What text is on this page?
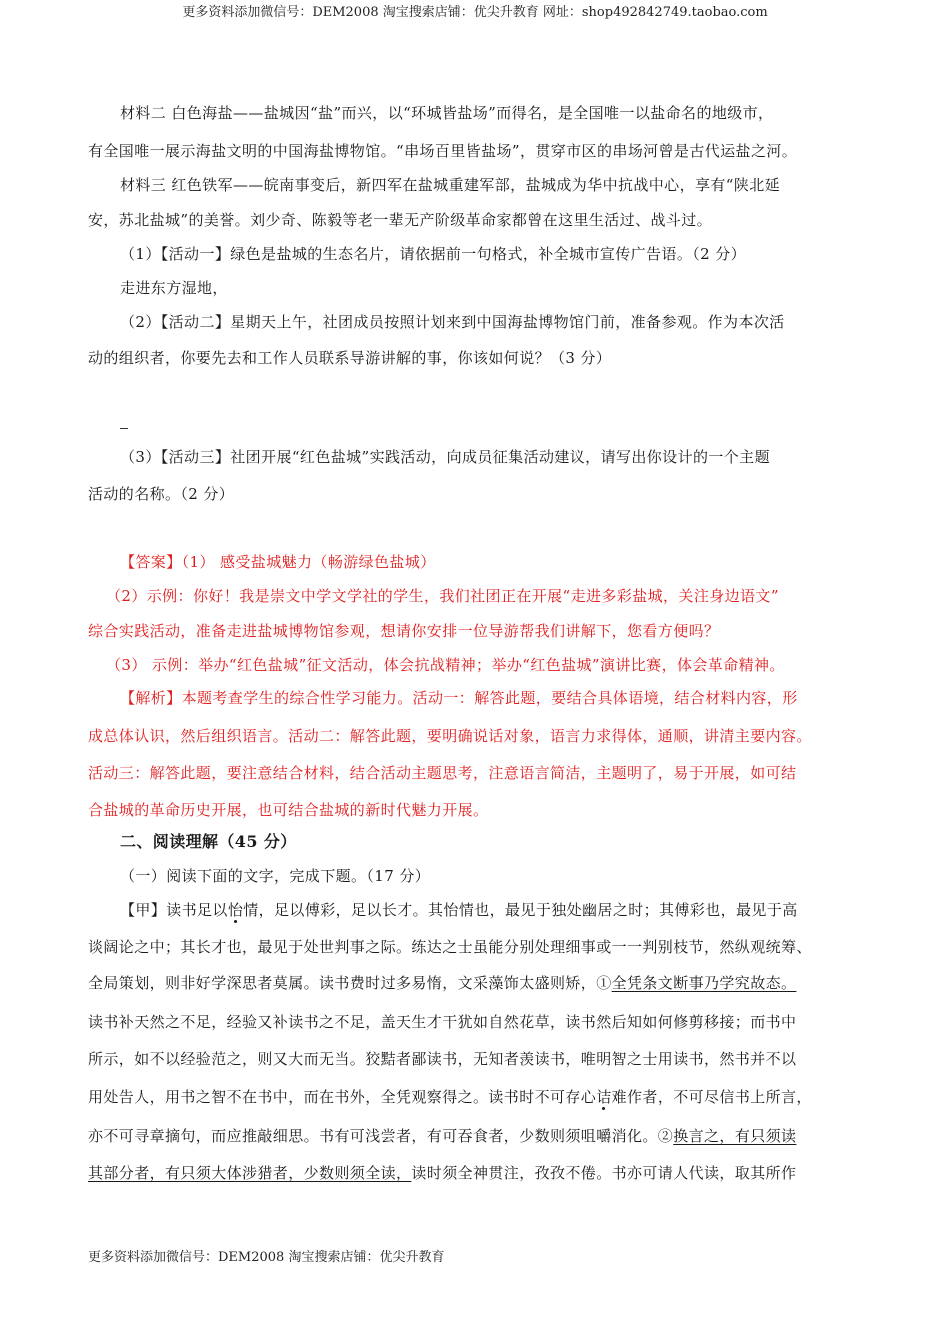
更多资料添加微信号：DEM2008 淘宝搜索店铺：优尖升教育 网址：shop492842749.taobao.com
材料二 白色海盐——盐城因“盐”而兴，以“环城皆盐场”而得名，是全国唯一以盐命名的地级市，
有全国唯一展示海盐文明的中国海盐博物馆。“串场百里皆盐场”，贯穿市区的串场河曾是古代运盐之河。
材料三 红色铁军——皖南事变后，新四军在盐城重建军部，盐城成为华中抗战中心，享有“陕北延
安，苏北盐城”的美誉。刘少奇、陈毅等老一辈无产阶级革命家都曾在这里生活过、战斗过。
（1）【活动一】绿色是盐城的生态名片，请依据前一句格式，补全城市宣传广告语。（2 分）
走进东方湿地，
（2）【活动二】星期天上午，社团成员按照计划来到中国海盐博物馆门前，准备参观。作为本次活
动的组织者，你要先去和工作人员联系导游讲解的事，你该如何说？（3 分）
（3）【活动三】社团开展“红色盐城”实践活动，向成员征集活动建议，请写出你设计的一个主题
活动的名称。（2 分）
【答案】（1） 感受盐城魅力（畅游绿色盐城）
（2）示例：你好！我是崇文中学文学社的学生，我们社团正在开展“走进多彩盐城，关注身边语文”
综合实践活动，准备走进盐城博物馆参观，想请你安排一位导游帮我们讲解下，您看方便吗？
（3） 示例：举办“红色盐城”征文活动，体会抗战精神；举办“红色盐城”演讲比赛，体会革命精神。
【解析】本题考查学生的综合性学习能力。活动一：解答此题，要结合具体语境，结合材料内容，形
成总体认识，然后组织语言。活动二：解答此题，要明确说话对象，语言力求得体，通顺，讲清主要内容。
活动三：解答此题，要注意结合材料，结合活动主题思考，注意语言简洁，主题明了，易于开展，如可结
合盐城的革命历史开展，也可结合盐城的新时代魅力开展。
二、阅读理解（45 分）
（一）阅读下面的文字，完成下题。（17 分）
【甲】读书足以怡情，足以傅彩，足以长才。其怡情也，最见于独处幽居之时；其傅彩也，最见于高
谈阔论之中；其长才也，最见于处世判事之际。练达之士虽能分别处理细事或一一判别枝节，然纵观统筹、
全局策划，则非好学深思者莫属。读书费时过多易惰，文采藻饰太盛则矫，①全凭条文断事乃学究故态。
读书补天然之不足，经验又补读书之不足，盖天生才干犹如自然花草，读书然后知如何修剪移接；而书中
所示，如不以经验范之，则又大而无当。狡黠者鄙读书，无知者羡读书，唯明智之士用读书，然书并不以
用处告人，用书之智不在书中，而在书外，全凭观察得之。读书时不可存心诘难作者，不可尽信书上所言，
亦不可寻章摘句，而应推敲细思。书有可浅尝者，有可吞食者，少数则须咀嚼消化。②换言之，有只须读
其部分者，有只须大体涉猎者，少数则须全读，读时须全神贯注，孜孜不倦。书亦可请人代读，取其所作
更多资料添加微信号：DEM2008 淘宝搜索店铺：优尖升教育
